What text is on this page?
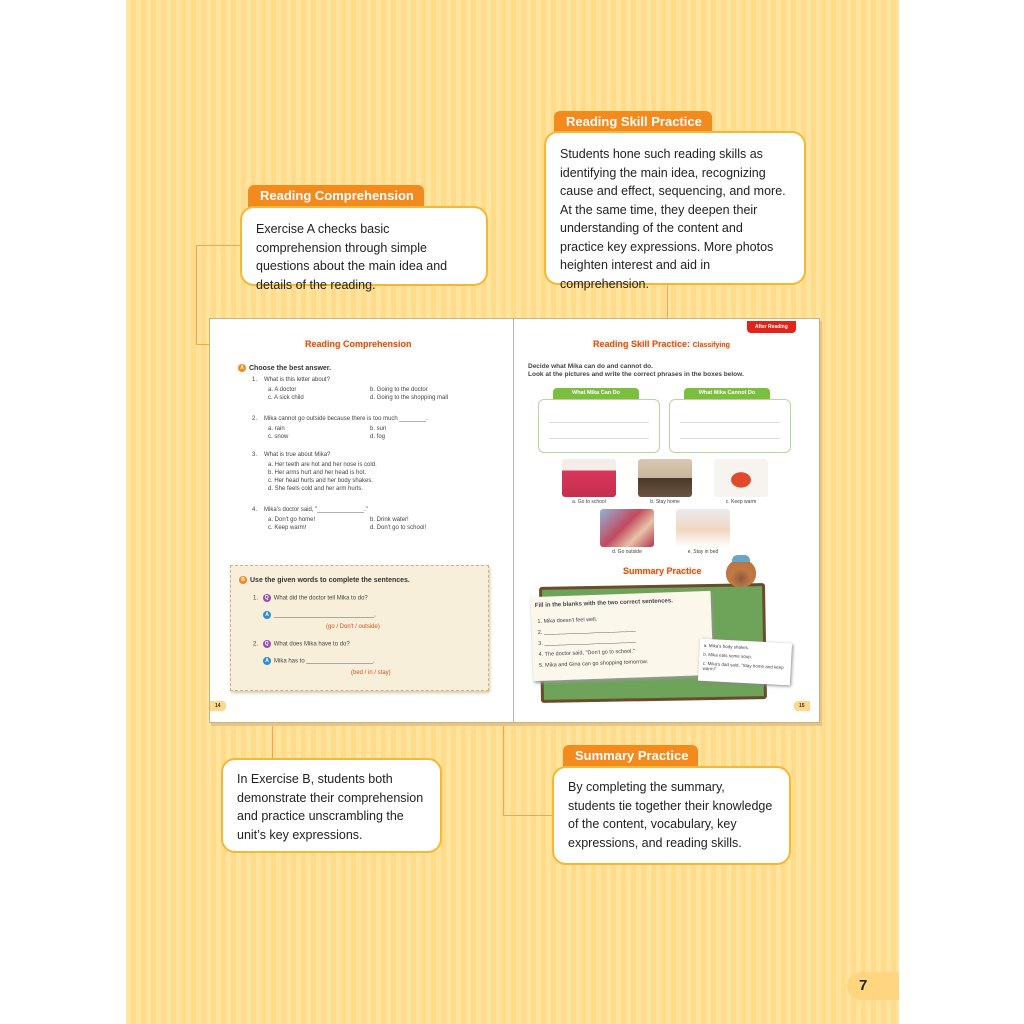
Reading Comprehension
Exercise A checks basic comprehension through simple questions about the main idea and details of the reading.
Reading Skill Practice
Students hone such reading skills as identifying the main idea, recognizing cause and effect, sequencing, and more. At the same time, they deepen their understanding of the content and practice key expressions. More photos heighten interest and aid in comprehension.
In Exercise B, students both demonstrate their comprehension and practice unscrambling the unit’s key expressions.
Summary Practice
By completing the summary, students tie together their knowledge of the content, vocabulary, key expressions, and reading skills.
Reading Comprehension
A Choose the best answer.
1. What is this letter about?
a. A doctor	b. Going to the doctor
c. A sick child	d. Going to the shopping mall
2. Mika cannot go outside because there is too much ________.
a. rain	b. sun
c. snow	d. fog
3. What is true about Mika?
a. Her teeth are hot and her nose is cold.
b. Her arms hurt and her head is hot.
c. Her head hurts and her body shakes.
d. She feels cold and her arm hurts.
4. Mika's doctor said, "______________."
a. Don't go home!	b. Drink water!
c. Keep warm!	d. Don't go to school!
B Use the given words to complete the sentences.
1. Q What did the doctor tell Mika to do?
A ______________________________.
(go / Don't / outside)
2. Q What does Mika have to do?
A Mika has to ____________________.
(bed / in / stay)
14
After Reading
Reading Skill Practice: Classifying
Decide what Mika can do and cannot do.
Look at the pictures and write the correct phrases in the boxes below.
What Mika Can Do	What Mika Cannot Do
a. Go to school	b. Stay home	c. Keep warm
d. Go outside	e. Stay in bed
Summary Practice
Fill in the blanks with the two correct sentences.
1. Mika doesn't feel well.
2. ______________________________
3. ______________________________
4. The doctor said, "Don't go to school."
5. Mika and Gina can go shopping tomorrow.
a. Mika's body shakes.
b. Mika eats some soup.
c. Mika's dad said, "Stay home and keep warm!"
15
7
